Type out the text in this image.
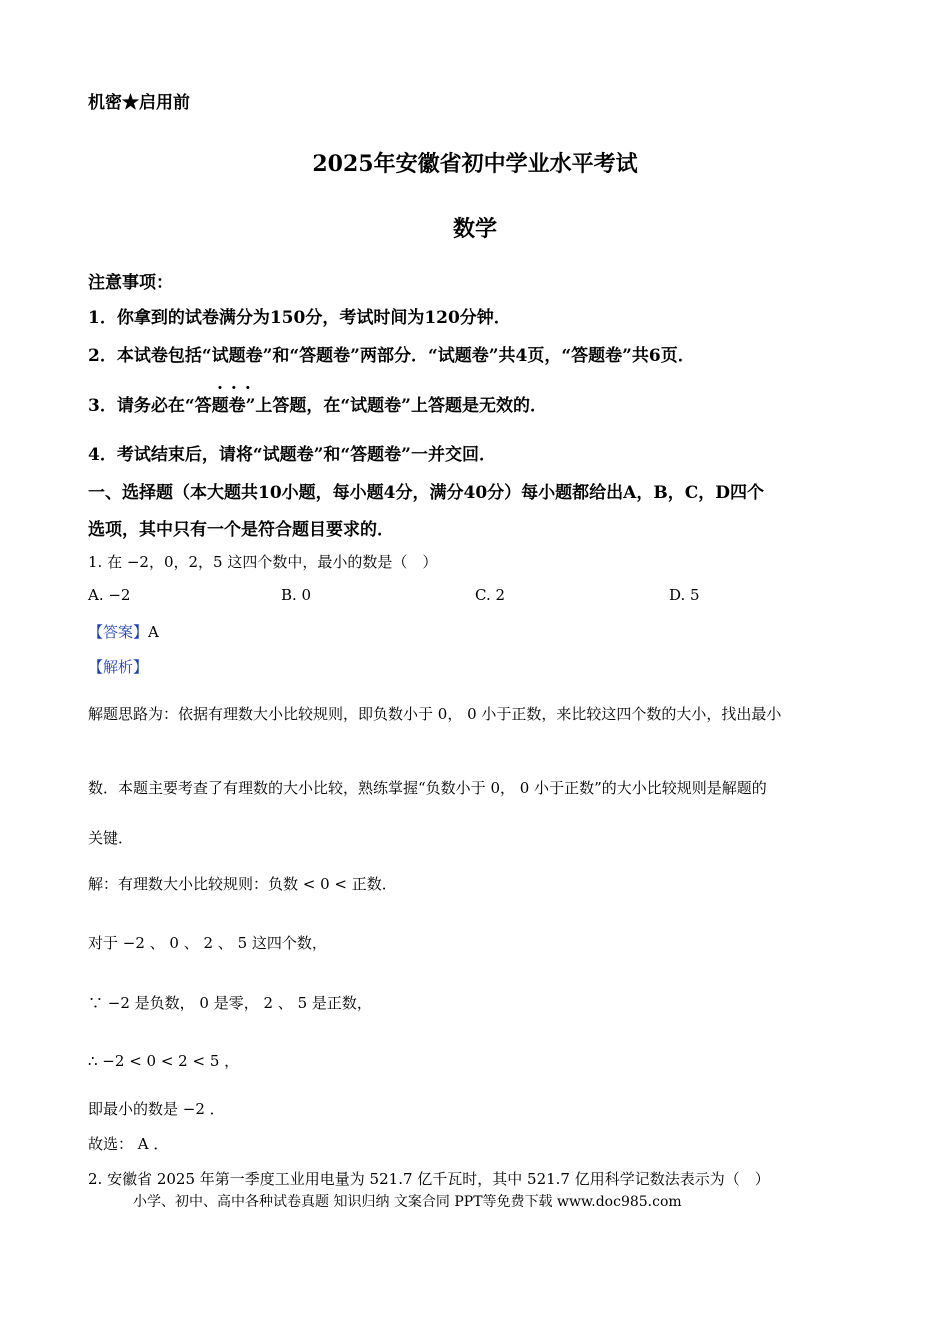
机密★启用前
2025年安徽省初中学业水平考试
数学
注意事项：
1．你拿到的试卷满分为150分，考试时间为120分钟．
2．本试卷包括“试题卷”和“答题卷”两部分．“试题卷”共4页，“答题卷”共6页．
...
3．请务必在“答题卷”上答题，在“试题卷”上答题是无效的．
4．考试结束后，请将“试题卷”和“答题卷”一并交回．
一、选择题（本大题共10小题，每小题4分，满分40分）每小题都给出A，B，C，D四个
选项，其中只有一个是符合题目要求的．
1. 在 −2，0，2，5 这四个数中，最小的数是（　）
A. −2	B. 0	C. 2	D. 5
【答案】A
【解析】
解题思路为：依据有理数大小比较规则，即负数小于 0， 0 小于正数，来比较这四个数的大小，找出最小
数．本题主要考查了有理数的大小比较，熟练掌握“负数小于 0， 0 小于正数”的大小比较规则是解题的
关键．
解：有理数大小比较规则：负数 < 0 < 正数．
对于 −2 、 0 、 2 、 5 这四个数，
∵ −2 是负数， 0 是零， 2 、 5 是正数，
∴ −2 < 0 < 2 < 5 ，
即最小的数是 −2 ．
故选： A ．
2. 安徽省 2025 年第一季度工业用电量为 521.7 亿千瓦时，其中 521.7 亿用科学记数法表示为（　）
小学、初中、高中各种试卷真题 知识归纳 文案合同 PPT等免费下载 www.doc985.com
